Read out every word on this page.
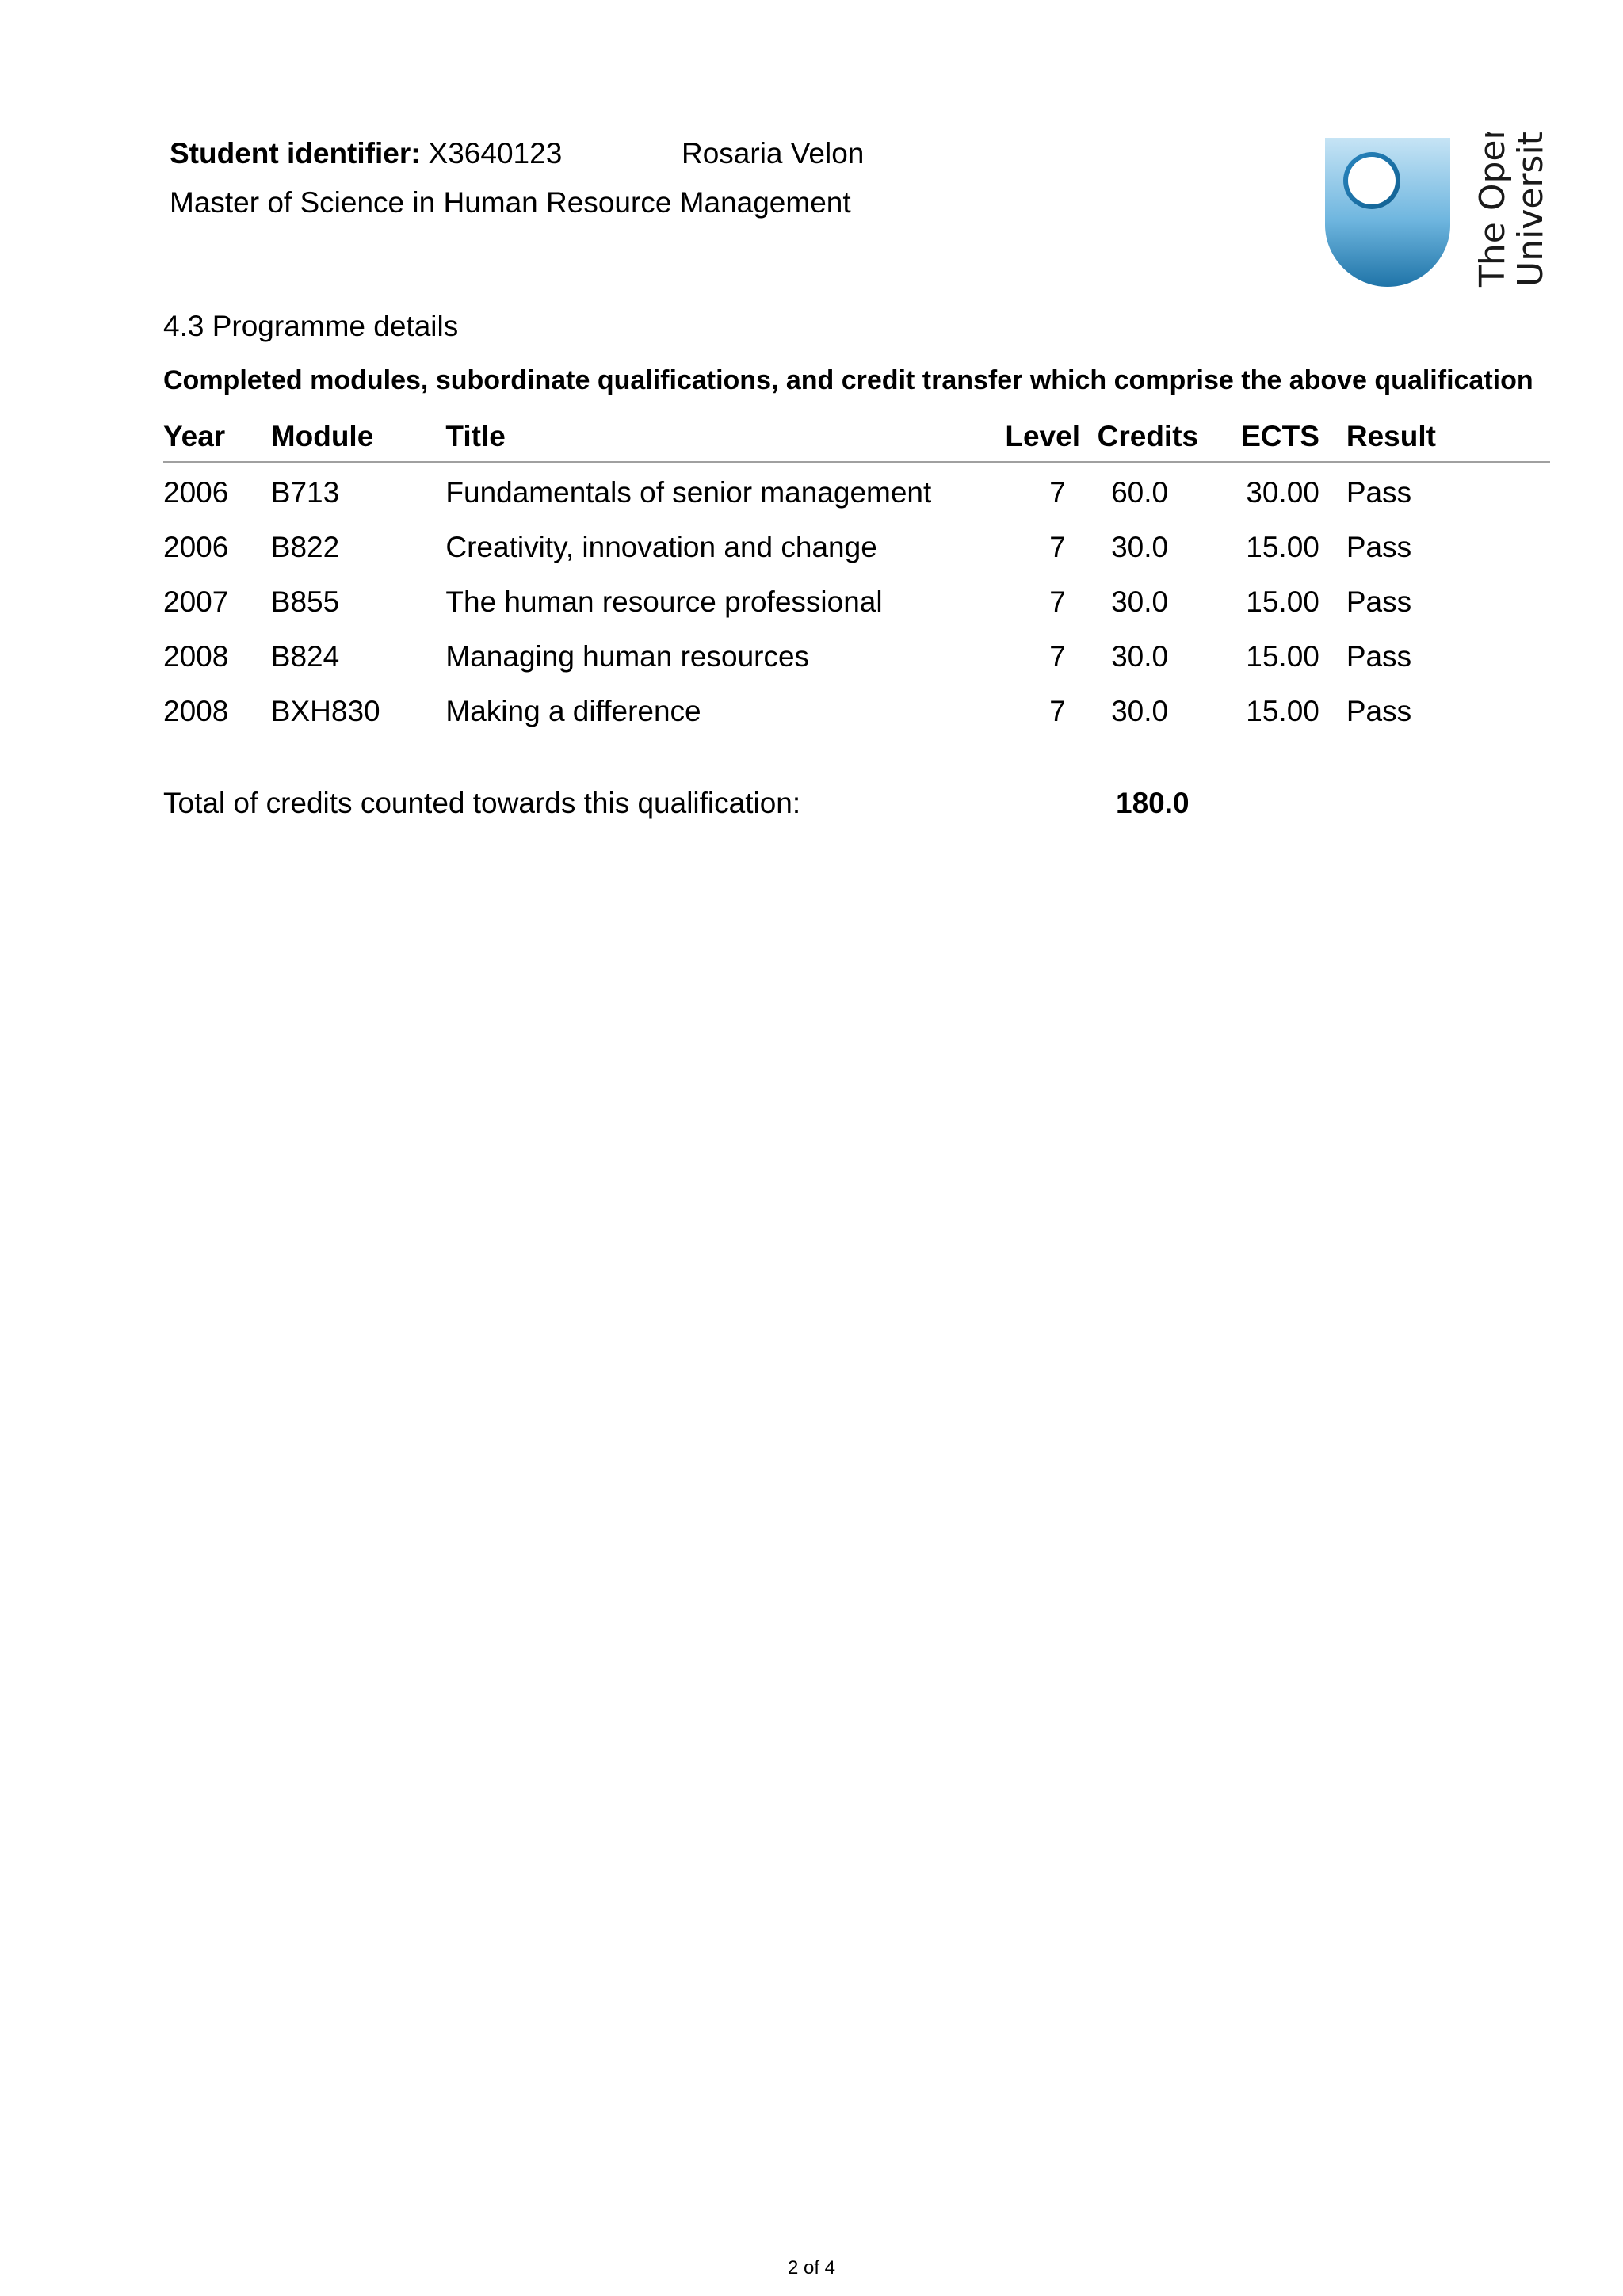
Student identifier: X3640123	Rosaria Velon
Master of Science in Human Resource Management	The Open
University
4.3 Programme details
Completed modules, subordinate qualifications, and credit transfer which comprise the above qualification
Year	Module	Title	Level	Credits	ECTS	Result
2006	B713	Fundamentals of senior management	7	60.0	30.00	Pass
2006	B822	Creativity, innovation and change	7	30.0	15.00	Pass
2007	B855	The human resource professional	7	30.0	15.00	Pass
2008	B824	Managing human resources	7	30.0	15.00	Pass
2008	BXH830	Making a difference	7	30.0	15.00	Pass
Total of credits counted towards this qualification:	180.0
2 of 4
